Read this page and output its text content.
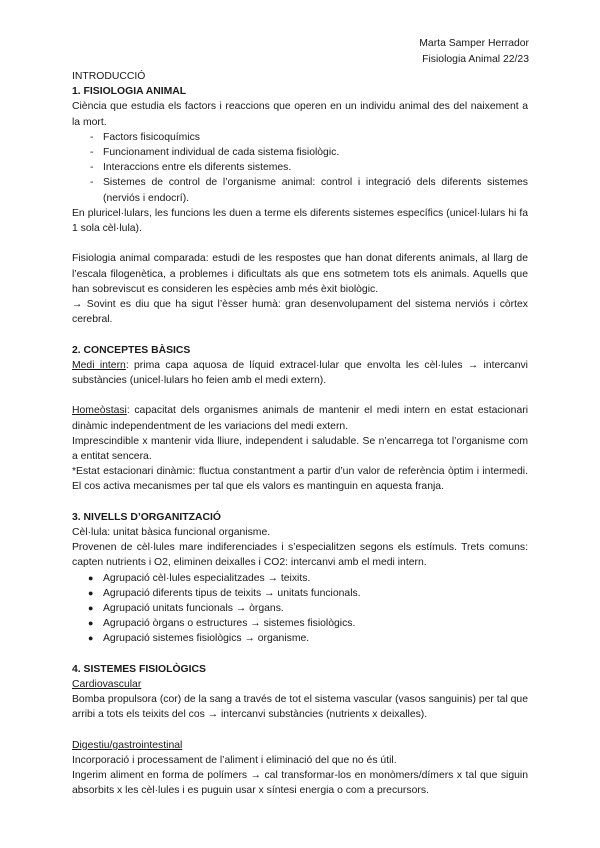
Marta Samper Herrador
Fisiologia Animal 22/23

INTRODUCCIÓ

1. FISIOLOGIA ANIMAL

Ciència que estudia els factors i reaccions que operen en un individu animal des del naixement a la mort.

- Factors fisicoquímics
- Funcionament individual de cada sistema fisiològic.
- Interaccions entre els diferents sistemes.
- Sistemes de control de l’organisme animal: control i integració dels diferents sistemes (nerviós i endocrí).

En pluricel·lulars, les funcions les duen a terme els diferents sistemes específics (unicel·lulars hi fa 1 sola cèl·lula).

Fisiologia animal comparada: estudi de les respostes que han donat diferents animals, al llarg de l’escala filogenètica, a problemes i dificultats als que ens sotmetem tots els animals. Aquells que han sobreviscut es consideren les espècies amb més èxit biològic.

→ Sovint es diu que ha sigut l’èsser humà: gran desenvolupament del sistema nerviós i còrtex cerebral.

2. CONCEPTES BÀSICS

Medi intern: prima capa aquosa de líquid extracel·lular que envolta les cèl·lules → intercanvi substàncies (unicel·lulars ho feien amb el medi extern).

Homeòstasi: capacitat dels organismes animals de mantenir el medi intern en estat estacionari dinàmic independentment de les variacions del medi extern.

Imprescindible x mantenir vida lliure, independent i saludable. Se n’encarrega tot l’organisme com a entitat sencera.

*Estat estacionari dinàmic: fluctua constantment a partir d’un valor de referència òptim i intermedi. El cos activa mecanismes per tal que els valors es mantinguin en aquesta franja.

3. NIVELLS D’ORGANITZACIÓ

Cèl·lula: unitat bàsica funcional organisme.

Provenen de cèl·lules mare indiferenciades i s’especialitzen segons els estímuls. Trets comuns: capten nutrients i O2, eliminen deixalles i CO2: intercanvi amb el medi intern.

● Agrupació cèl·lules especialitzades → teixits.
● Agrupació diferents tipus de teixits → unitats funcionals.
● Agrupació unitats funcionals → òrgans.
● Agrupació òrgans o estructures → sistemes fisiològics.
● Agrupació sistemes fisiològics → organisme.

4. SISTEMES FISIOLÒGICS

Cardiovascular

Bomba propulsora (cor) de la sang a través de tot el sistema vascular (vasos sanguinis) per tal que arribi a tots els teixits del cos → intercanvi substàncies (nutrients x deixalles).

Digestiu/gastrointestinal

Incorporació i processament de l’aliment i eliminació del que no és útil.

Ingerim aliment en forma de polímers → cal transformar-los en monòmers/dímers x tal que siguin absorbits x les cèl·lules i es puguin usar x síntesi energia o com a precursors.
